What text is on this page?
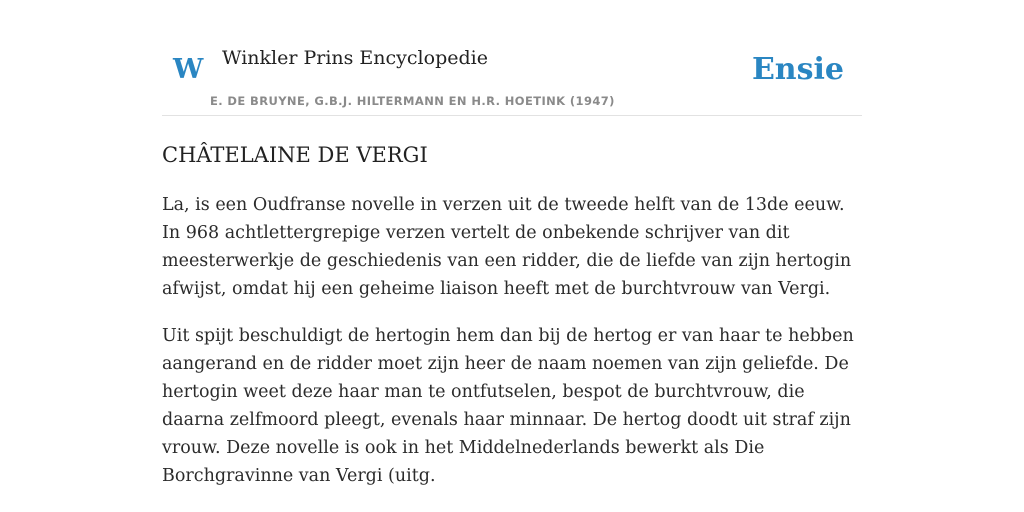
W Winkler Prins Encyclopedie
E. DE BRUYNE, G.B.J. HILTERMANN EN H.R. HOETINK (1947)
Ensie
CHÂTELAINE DE VERGI

La, is een Oudfranse novelle in verzen uit de tweede helft van de 13de eeuw. In 968 achtlettergrepige verzen vertelt de onbekende schrijver van dit meesterwerkje de geschiedenis van een ridder, die de liefde van zijn hertogin afwijst, omdat hij een geheime liaison heeft met de burchtvrouw van Vergi.

Uit spijt beschuldigt de hertogin hem dan bij de hertog er van haar te hebben aangerand en de ridder moet zijn heer de naam noemen van zijn geliefde. De hertogin weet deze haar man te ontfutselen, bespot de burchtvrouw, die daarna zelfmoord pleegt, evenals haar minnaar. De hertog doodt uit straf zijn vrouw. Deze novelle is ook in het Middelnederlands bewerkt als Die Borchgravinne van Vergi (uitg.
